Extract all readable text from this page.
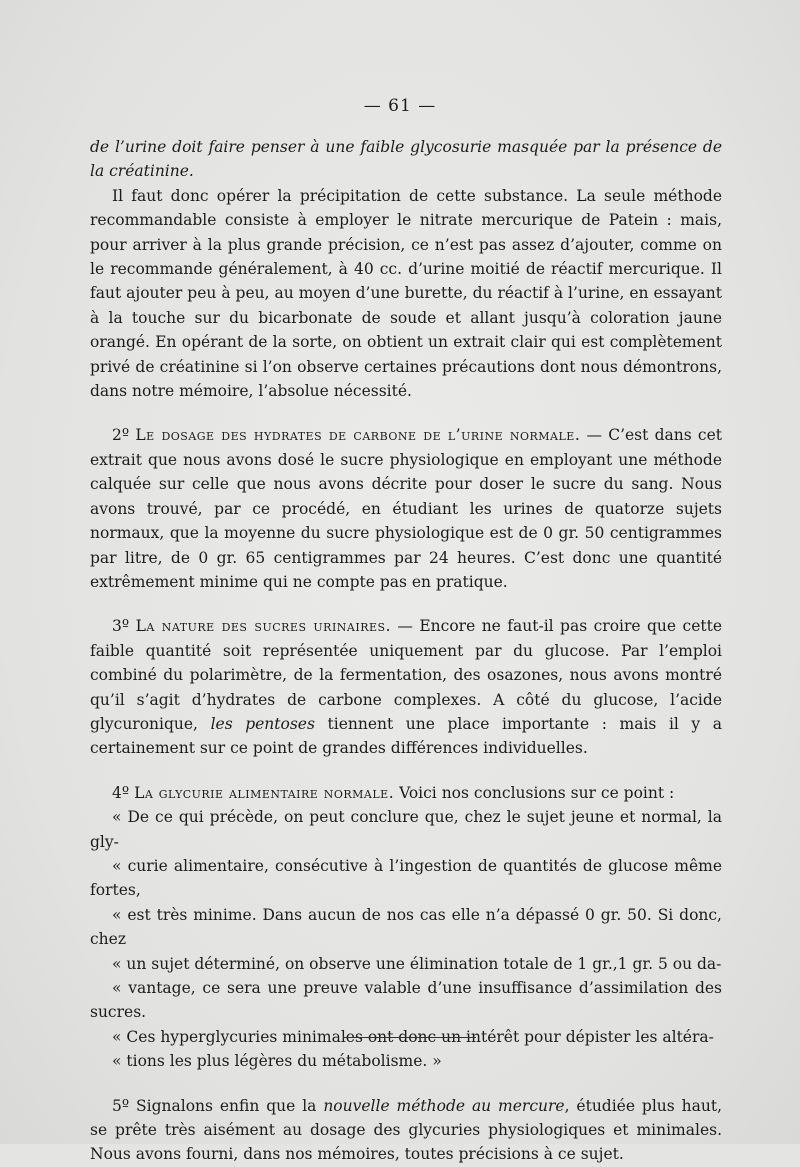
— 61 —

de l’urine doit faire penser à une faible glycosurie masquée par la présence de la créatinine.

Il faut donc opérer la précipitation de cette substance. La seule méthode recommandable consiste à employer le nitrate mercurique de Patein : mais, pour arriver à la plus grande précision, ce n’est pas assez d’ajouter, comme on le recommande généralement, à 40 cc. d’urine moitié de réactif mercurique. Il faut ajouter peu à peu, au moyen d’une burette, du réactif à l’urine, en essayant à la touche sur du bicarbonate de soude et allant jusqu’à coloration jaune orangé. En opérant de la sorte, on obtient un extrait clair qui est complètement privé de créatinine si l’on observe certaines précautions dont nous démontrons, dans notre mémoire, l’absolue nécessité.

2º Le dosage des hydrates de carbone de l’urine normale. — C’est dans cet extrait que nous avons dosé le sucre physiologique en employant une méthode calquée sur celle que nous avons décrite pour doser le sucre du sang. Nous avons trouvé, par ce procédé, en étudiant les urines de quatorze sujets normaux, que la moyenne du sucre physiologique est de 0 gr. 50 centigrammes par litre, de 0 gr. 65 centigrammes par 24 heures. C’est donc une quantité extrêmement minime qui ne compte pas en pratique.

3º La nature des sucres urinaires. — Encore ne faut-il pas croire que cette faible quantité soit représentée uniquement par du glucose. Par l’emploi combiné du polarimètre, de la fermentation, des osazones, nous avons montré qu’il s’agit d’hydrates de carbone complexes. A côté du glucose, l’acide glycuronique, les pentoses tiennent une place importante : mais il y a certainement sur ce point de grandes différences individuelles.

4º La glycurie alimentaire normale. Voici nos conclusions sur ce point :

« De ce qui précède, on peut conclure que, chez le sujet jeune et normal, la gly-

« curie alimentaire, consécutive à l’ingestion de quantités de glucose même fortes,

« est très minime. Dans aucun de nos cas elle n’a dépassé 0 gr. 50. Si donc, chez

« un sujet déterminé, on observe une élimination totale de 1 gr.,1 gr. 5 ou da-

« vantage, ce sera une preuve valable d’une insuffisance d’assimilation des sucres.

« Ces hyperglycuries minimales ont donc un intérêt pour dépister les altéra-

« tions les plus légères du métabolisme. »

5º Signalons enfin que la nouvelle méthode au mercure, étudiée plus haut, se prête très aisément au dosage des glycuries physiologiques et minimales. Nous avons fourni, dans nos mémoires, toutes précisions à ce sujet.
